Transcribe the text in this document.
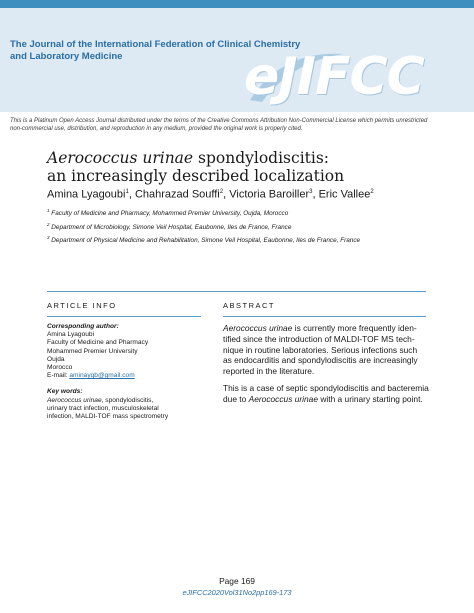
The Journal of the International Federation of Clinical Chemistry
and Laboratory Medicine	eJIFCC
This is a Platinum Open Access Journal distributed under the terms of the Creative Commons Attribution Non-Commercial License which permits unrestricted
non-commercial use, distribution, and reproduction in any medium, provided the original work is properly cited.
Aerococcus urinae spondylodiscitis:
an increasingly described localization
Amina Lyagoubi$^1$, Chahrazad Souffi$^2$, Victoria Baroiller$^3$, Eric Vallee$^2$
$^1$ Faculty of Medicine and Pharmacy, Mohammed Premier University, Oujda, Morocco
$^2$ Department of Microbiology, Simone Veil Hospital, Eaubonne, Iles de France, France
$^3$ Department of Physical Medicine and Rehabilitation, Simone Veil Hospital, Eaubonne, Iles de France, France
ARTICLE INFO	ABSTRACT
Corresponding author:
Amina Lyagoubi
Faculty of Medicine and Pharmacy
Mohammed Premier University
Oujda
Morocco
E-mail: aminaygb@gmail.com
Key words:
Aerococcus urinae, spondylodiscitis,
urinary tract infection, musculoskeletal
infection, MALDI-TOF mass spectrometry
Aerococcus urinae is currently more frequently iden-
tified since the introduction of MALDI-TOF MS tech-
nique in routine laboratories. Serious infections such
as endocarditis and spondylodiscitis are increasingly
reported in the literature.
This is a case of septic spondylodiscitis and bacteremia
due to Aerococcus urinae with a urinary starting point.
Page 169
eJIFCC2020Vol31No2pp169-173
